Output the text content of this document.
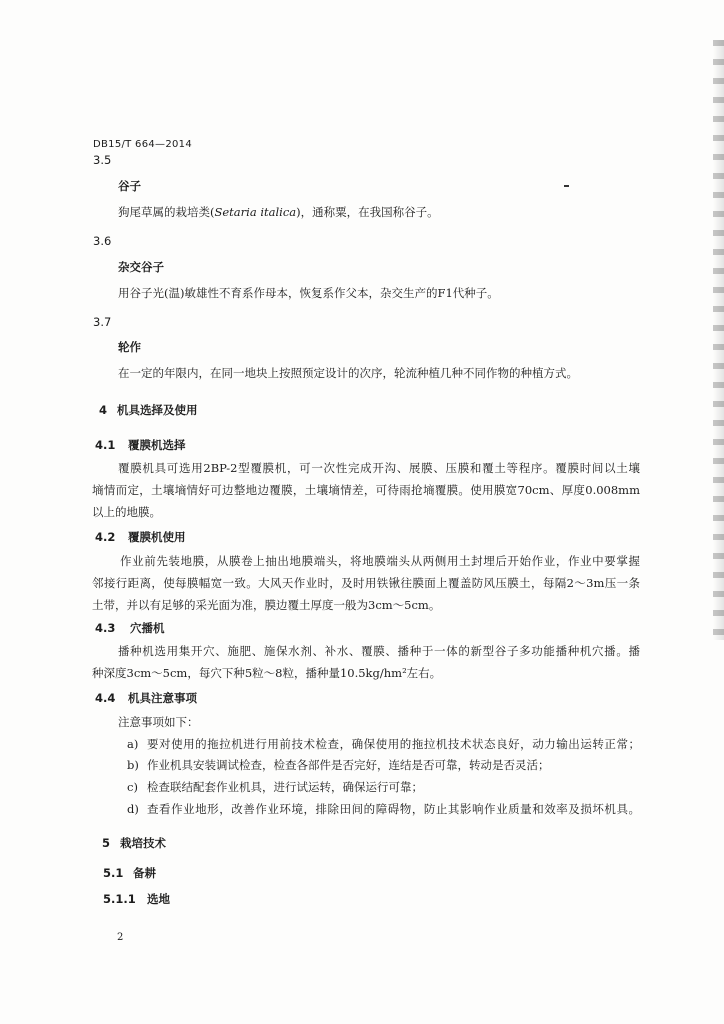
DB15/T 664—2014
3.5
谷子
狗尾草属的栽培类(Setaria italica)，通称粟，在我国称谷子。
3.6
杂交谷子
用谷子光(温)敏雄性不育系作母本，恢复系作父本，杂交生产的F1代种子。
3.7
轮作
在一定的年限内，在同一地块上按照预定设计的次序，轮流种植几种不同作物的种植方式。
4 机具选择及使用
4.1 覆膜机选择
覆膜机具可选用2BP-2型覆膜机，可一次性完成开沟、展膜、压膜和覆土等程序。覆膜时间以土壤
墒情而定，土壤墒情好可边整地边覆膜，土壤墒情差，可待雨抢墒覆膜。使用膜宽70cm、厚度0.008mm
以上的地膜。
4.2 覆膜机使用
作业前先装地膜，从膜卷上抽出地膜端头，将地膜端头从两侧用土封埋后开始作业，作业中要掌握
邻接行距离，使每膜幅宽一致。大风天作业时，及时用铁锹往膜面上覆盖防风压膜土，每隔2～3m压一条
土带，并以有足够的采光面为准，膜边覆土厚度一般为3cm～5cm。
4.3 穴播机
播种机选用集开穴、施肥、施保水剂、补水、覆膜、播种于一体的新型谷子多功能播种机穴播。播
种深度3cm～5cm，每穴下种5粒～8粒，播种量10.5kg/hm²左右。
4.4 机具注意事项
注意事项如下：
a) 要对使用的拖拉机进行用前技术检查，确保使用的拖拉机技术状态良好，动力输出运转正常；
b) 作业机具安装调试检查，检查各部件是否完好，连结是否可靠，转动是否灵活；
c) 检查联结配套作业机具，进行试运转，确保运行可靠；
d) 查看作业地形，改善作业环境，排除田间的障碍物，防止其影响作业质量和效率及损坏机具。
5 栽培技术
5.1 备耕
5.1.1 选地
2
